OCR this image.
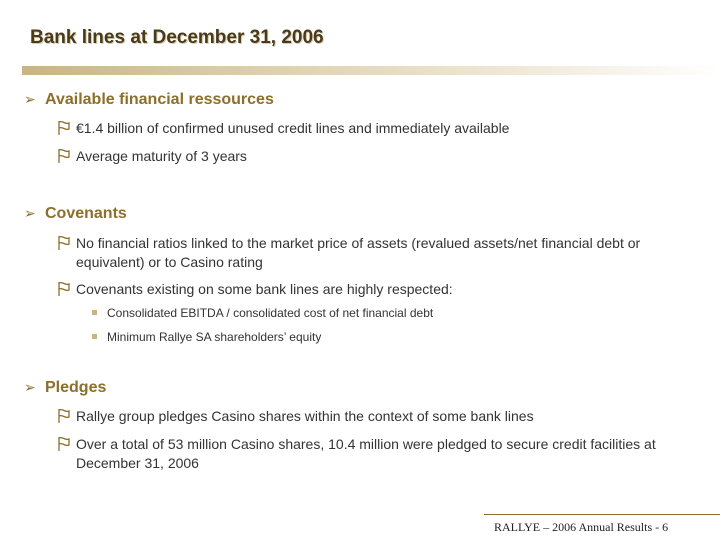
Bank lines at December 31, 2006
➢ Available financial ressources
€1.4 billion of confirmed unused credit lines and immediately available
Average maturity of 3 years
➢ Covenants
No financial ratios linked to the market price of assets (revalued assets/net financial debt or equivalent) or to Casino rating
Covenants existing on some bank lines are highly respected:
Consolidated EBITDA / consolidated cost of net financial debt
Minimum Rallye SA shareholders’ equity
➢ Pledges
Rallye group pledges Casino shares within the context of some bank lines
Over a total of 53 million Casino shares, 10.4 million were pledged to secure credit facilities at December 31, 2006
RALLYE – 2006 Annual Results - 6
